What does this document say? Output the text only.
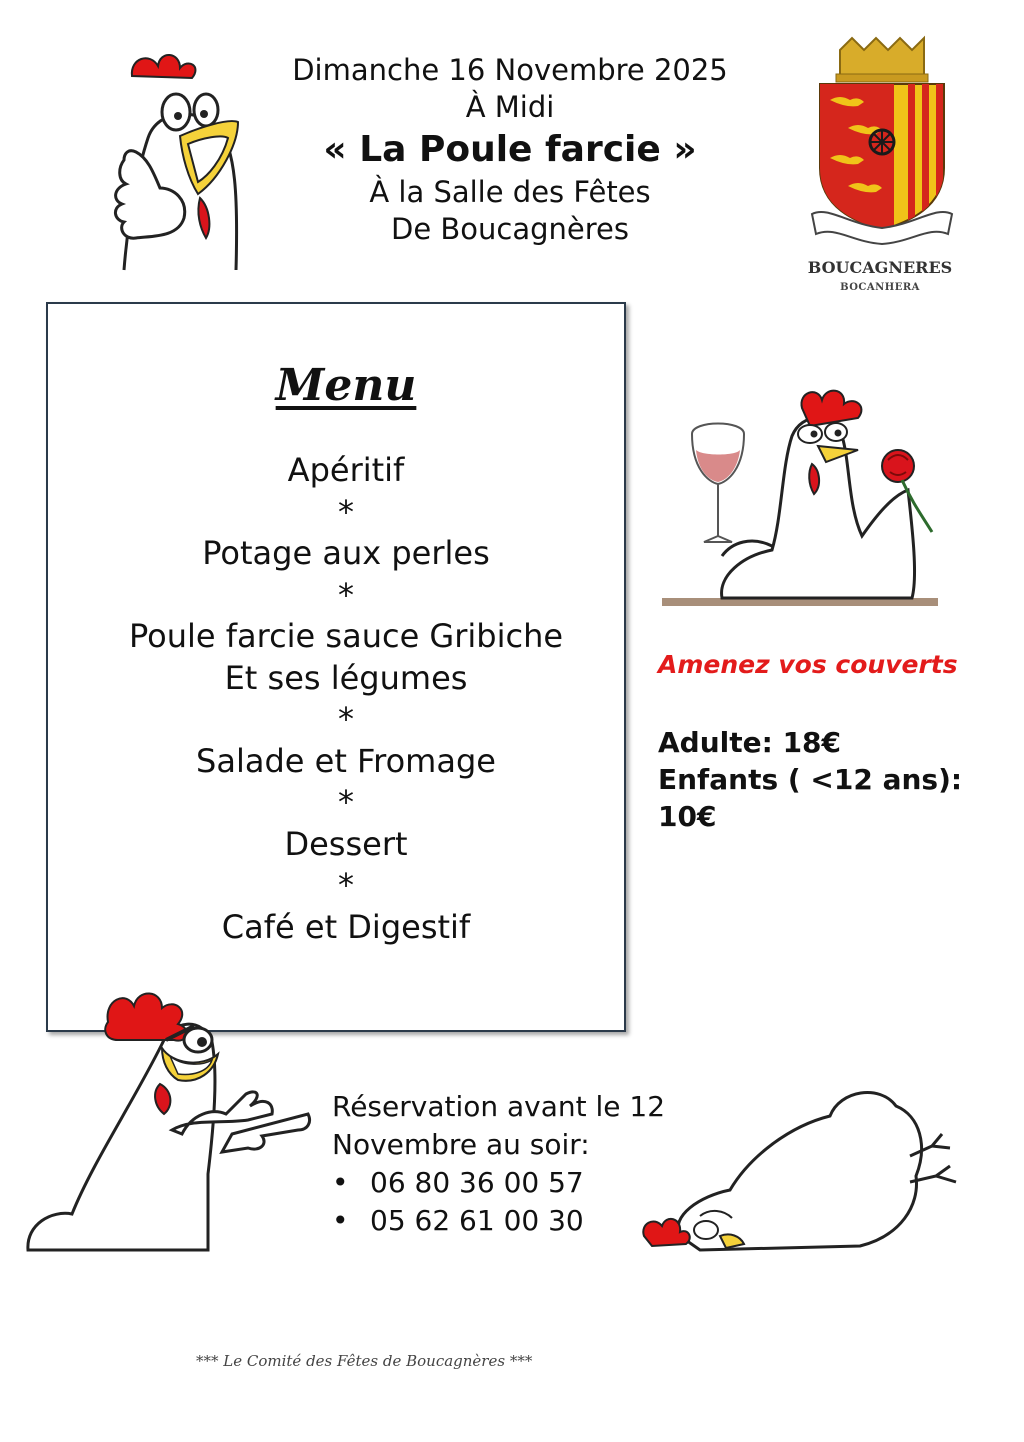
Dimanche 16 Novembre 2025
À Midi
« La Poule farcie »
À la Salle des Fêtes
De Boucagnères
BOUCAGNERES
BOCANHERA
Menu
Apéritif
*
Potage aux perles
*
Poule farcie sauce Gribiche
Et ses légumes
*
Salade et Fromage
*
Dessert
*
Café et Digestif
Amenez vos couverts
Adulte: 18€
Enfants ( <12 ans):
10€
Réservation avant le 12
Novembre au soir:
• 06 80 36 00 57
• 05 62 61 00 30
*** Le Comité des Fêtes de Boucagnères ***
